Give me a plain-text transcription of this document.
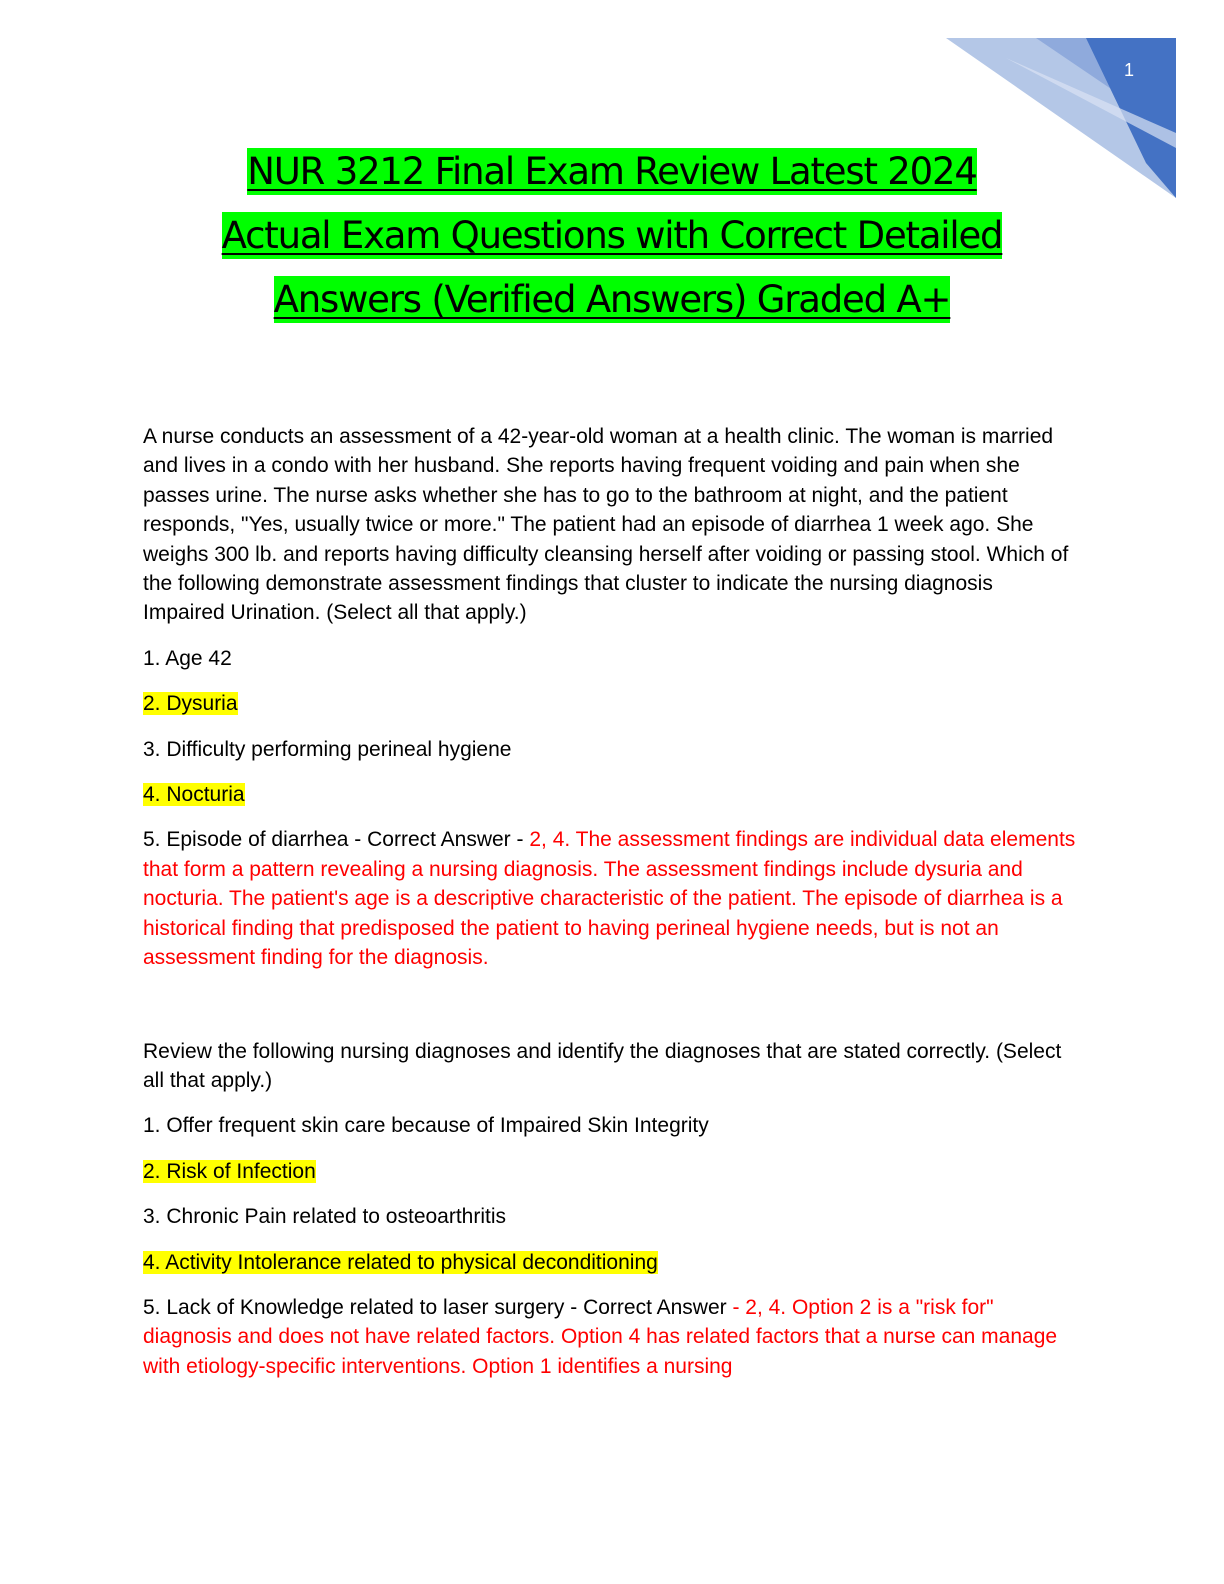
1
NUR 3212 Final Exam Review Latest 2024
Actual Exam Questions with Correct Detailed
Answers (Verified Answers) Graded A+

A nurse conducts an assessment of a 42-year-old woman at a health clinic. The woman is married and lives in a condo with her husband. She reports having frequent voiding and pain when she passes urine. The nurse asks whether she has to go to the bathroom at night, and the patient responds, "Yes, usually twice or more." The patient had an episode of diarrhea 1 week ago. She weighs 300 lb. and reports having difficulty cleansing herself after voiding or passing stool. Which of the following demonstrate assessment findings that cluster to indicate the nursing diagnosis Impaired Urination. (Select all that apply.)

1. Age 42

2. Dysuria

3. Difficulty performing perineal hygiene

4. Nocturia

5. Episode of diarrhea - Correct Answer - 2, 4. The assessment findings are individual data elements that form a pattern revealing a nursing diagnosis. The assessment findings include dysuria and nocturia. The patient's age is a descriptive characteristic of the patient. The episode of diarrhea is a historical finding that predisposed the patient to having perineal hygiene needs, but is not an assessment finding for the diagnosis.

Review the following nursing diagnoses and identify the diagnoses that are stated correctly. (Select all that apply.)

1. Offer frequent skin care because of Impaired Skin Integrity

2. Risk of Infection

3. Chronic Pain related to osteoarthritis

4. Activity Intolerance related to physical deconditioning

5. Lack of Knowledge related to laser surgery - Correct Answer - 2, 4. Option 2 is a "risk for" diagnosis and does not have related factors. Option 4 has related factors that a nurse can manage with etiology-specific interventions. Option 1 identifies a nursing
